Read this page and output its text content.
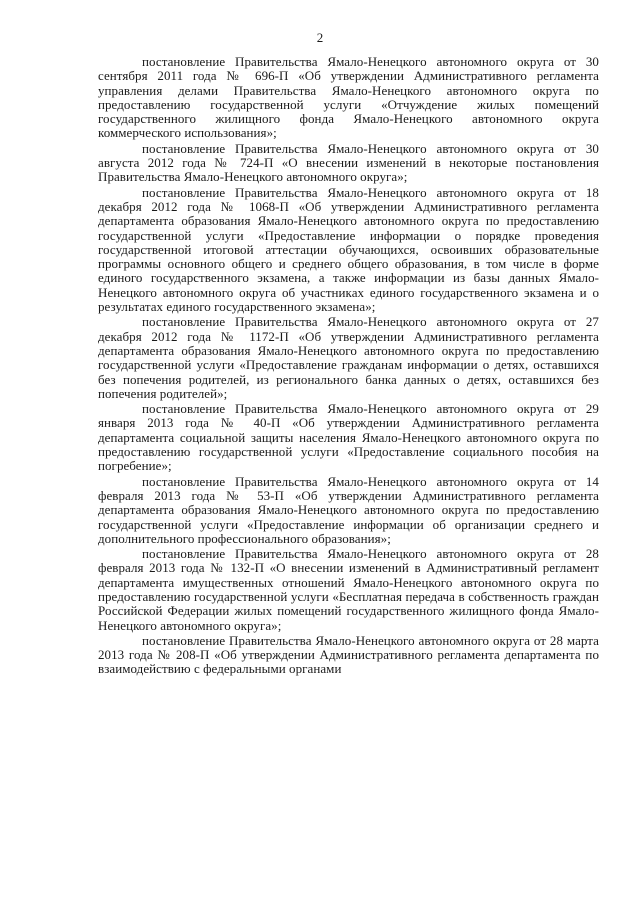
2

постановление Правительства Ямало-Ненецкого автономного округа от 30 сентября 2011 года № 696-П «Об утверждении Административного регламента управления делами Правительства Ямало-Ненецкого автономного округа по предоставлению государственной услуги «Отчуждение жилых помещений государственного жилищного фонда Ямало-Ненецкого автономного округа коммерческого использования»;

постановление Правительства Ямало-Ненецкого автономного округа от 30 августа 2012 года № 724-П «О внесении изменений в некоторые постановления Правительства Ямало-Ненецкого автономного округа»;

постановление Правительства Ямало-Ненецкого автономного округа от 18 декабря 2012 года № 1068-П «Об утверждении Административного регламента департамента образования Ямало-Ненецкого автономного округа по предоставлению государственной услуги «Предоставление информации о порядке проведения государственной итоговой аттестации обучающихся, освоивших образовательные программы основного общего и среднего общего образования, в том числе в форме единого государственного экзамена, а также информации из базы данных Ямало-Ненецкого автономного округа об участниках единого государственного экзамена и о результатах единого государственного экзамена»;

постановление Правительства Ямало-Ненецкого автономного округа от 27 декабря 2012 года № 1172-П «Об утверждении Административного регламента департамента образования Ямало-Ненецкого автономного округа по предоставлению государственной услуги «Предоставление гражданам информации о детях, оставшихся без попечения родителей, из регионального банка данных о детях, оставшихся без попечения родителей»;

постановление Правительства Ямало-Ненецкого автономного округа от 29 января 2013 года № 40-П «Об утверждении Административного регламента департамента социальной защиты населения Ямало-Ненецкого автономного округа по предоставлению государственной услуги «Предоставление социального пособия на погребение»;

постановление Правительства Ямало-Ненецкого автономного округа от 14 февраля 2013 года № 53-П «Об утверждении Административного регламента департамента образования Ямало-Ненецкого автономного округа по предоставлению государственной услуги «Предоставление информации об организации среднего и дополнительного профессионального образования»;

постановление Правительства Ямало-Ненецкого автономного округа от 28 февраля 2013 года № 132-П «О внесении изменений в Административный регламент департамента имущественных отношений Ямало-Ненецкого автономного округа по предоставлению государственной услуги «Бесплатная передача в собственность граждан Российской Федерации жилых помещений государственного жилищного фонда Ямало-Ненецкого автономного округа»;

постановление Правительства Ямало-Ненецкого автономного округа от 28 марта 2013 года № 208-П «Об утверждении Административного регламента департамента по взаимодействию с федеральными органами
